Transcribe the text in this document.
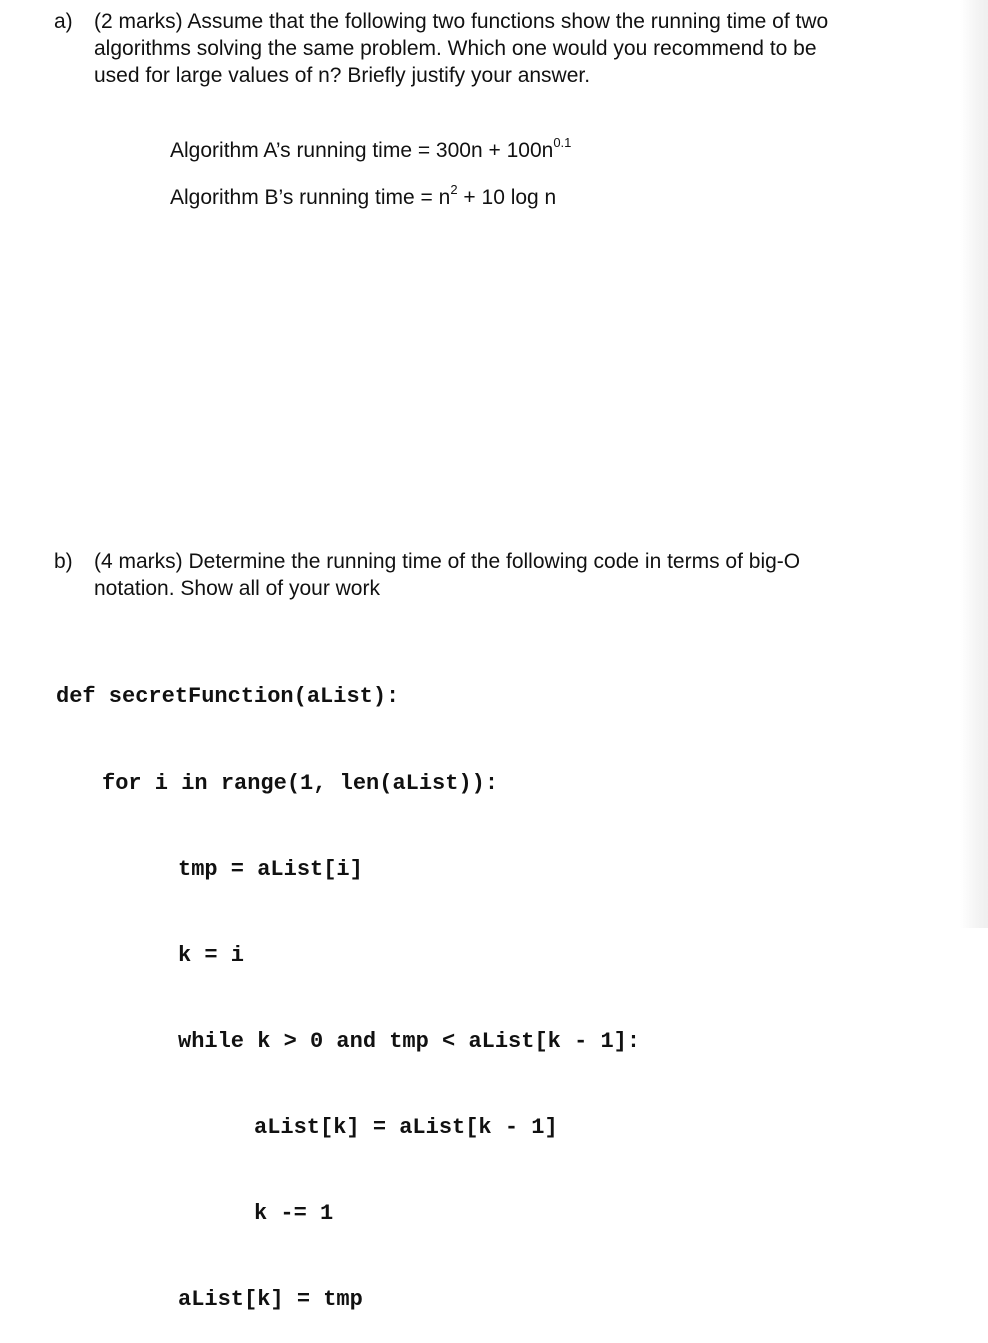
a) (2 marks) Assume that the following two functions show the running time of two
algorithms solving the same problem. Which one would you recommend to be
used for large values of n? Briefly justify your answer.
Algorithm A’s running time = $300n + 100n^{0.1}$
Algorithm B’s running time = $n^2 + 10$ log n
b) (4 marks) Determine the running time of the following code in terms of big-O
notation. Show all of your work

def secretFunction(aList):

for i in range(1, len(aList)):

tmp = aList[i]

k = i

while k > 0 and tmp < aList[k - 1]:

aList[k] = aList[k - 1]

k -= 1

aList[k] = tmp
